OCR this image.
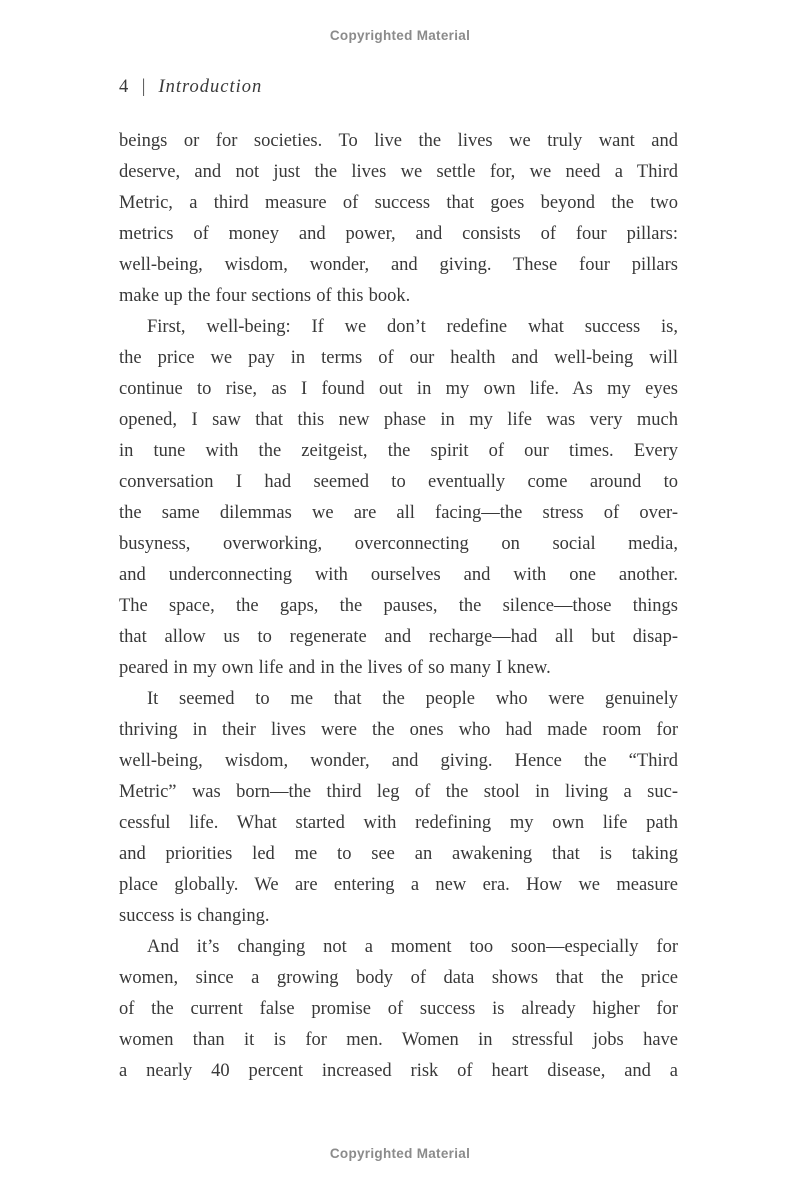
Copyrighted Material
4 | Introduction
beings or for societies. To live the lives we truly want and
deserve, and not just the lives we settle for, we need a Third
Metric, a third measure of success that goes beyond the two
metrics of money and power, and consists of four pillars:
well-being, wisdom, wonder, and giving. These four pillars
make up the four sections of this book.
First, well-being: If we don’t redefine what success is,
the price we pay in terms of our health and well-being will
continue to rise, as I found out in my own life. As my eyes
opened, I saw that this new phase in my life was very much
in tune with the zeitgeist, the spirit of our times. Every
conversation I had seemed to eventually come around to
the same dilemmas we are all facing—the stress of over-
busyness, overworking, overconnecting on social media,
and underconnecting with ourselves and with one another.
The space, the gaps, the pauses, the silence—those things
that allow us to regenerate and recharge—had all but disap-
peared in my own life and in the lives of so many I knew.
It seemed to me that the people who were genuinely
thriving in their lives were the ones who had made room for
well-being, wisdom, wonder, and giving. Hence the “Third
Metric” was born—the third leg of the stool in living a suc-
cessful life. What started with redefining my own life path
and priorities led me to see an awakening that is taking
place globally. We are entering a new era. How we measure
success is changing.
And it’s changing not a moment too soon—especially for
women, since a growing body of data shows that the price
of the current false promise of success is already higher for
women than it is for men. Women in stressful jobs have
a nearly 40 percent increased risk of heart disease, and a
Copyrighted Material
